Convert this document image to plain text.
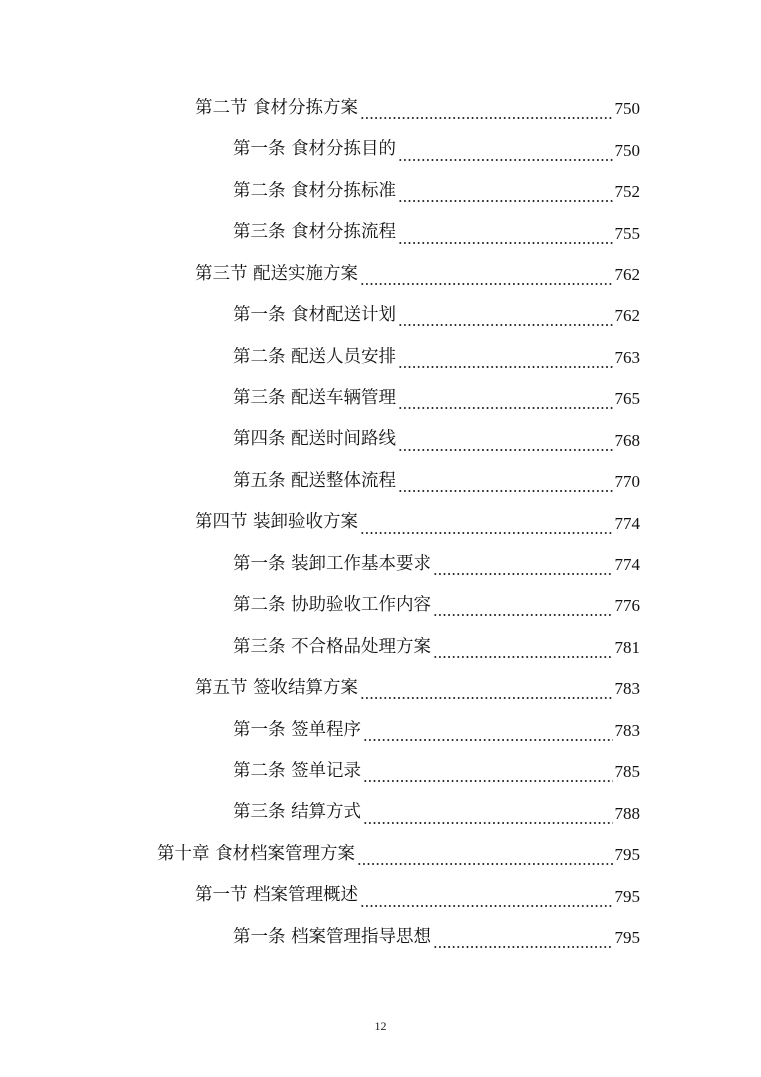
第二节 食材分拣方案	750
第一条 食材分拣目的	750
第二条 食材分拣标准	752
第三条 食材分拣流程	755
第三节 配送实施方案	762
第一条 食材配送计划	762
第二条 配送人员安排	763
第三条 配送车辆管理	765
第四条 配送时间路线	768
第五条 配送整体流程	770
第四节 装卸验收方案	774
第一条 装卸工作基本要求	774
第二条 协助验收工作内容	776
第三条 不合格品处理方案	781
第五节 签收结算方案	783
第一条 签单程序	783
第二条 签单记录	785
第三条 结算方式	788
第十章 食材档案管理方案	795
第一节 档案管理概述	795
第一条 档案管理指导思想	795
12
